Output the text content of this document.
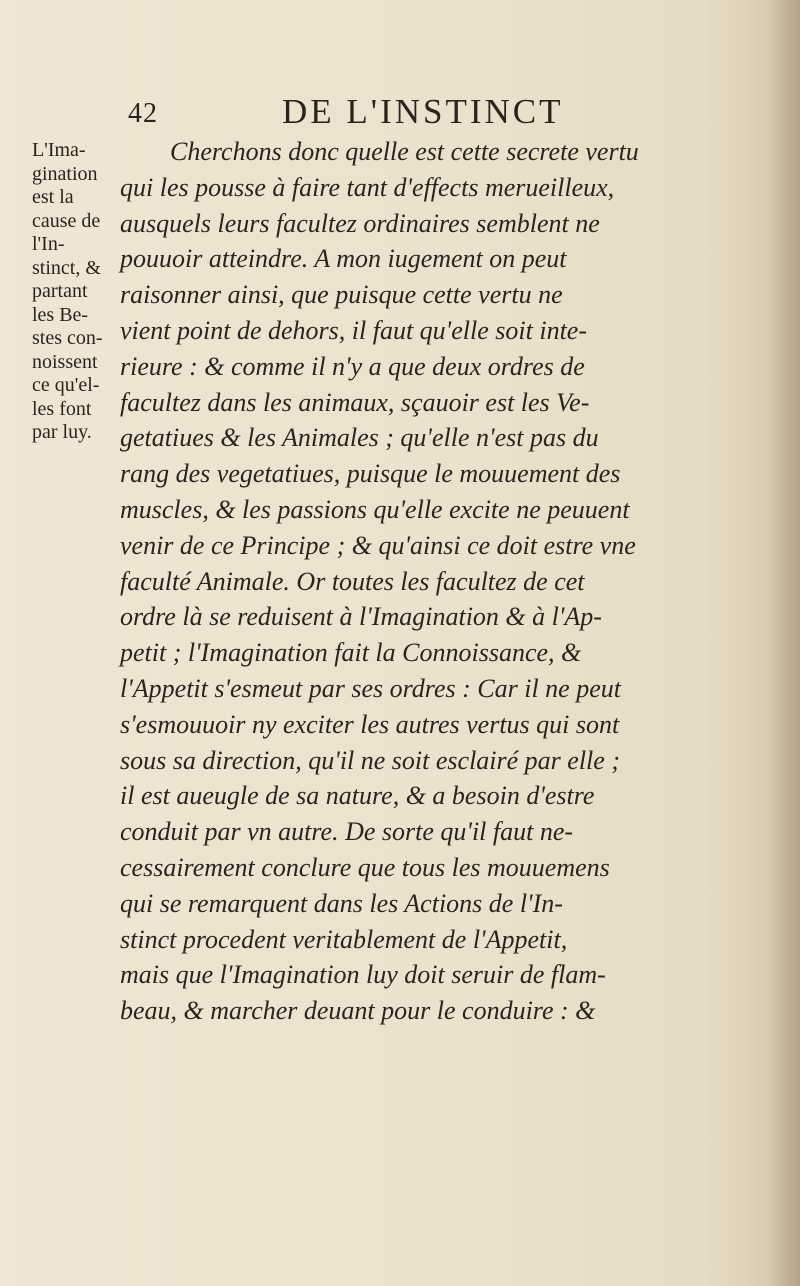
42	DE L'INSTINCT
L'Ima-
gination
est la
cause de
l'In-
stinct, &
partant
les Be-
stes con-
noissent
ce qu'el-
les font
par luy.
Cherchons donc quelle est cette secrete vertu
qui les pousse à faire tant d'effects merueilleux,
ausquels leurs facultez ordinaires semblent ne
pouuoir atteindre. A mon iugement on peut
raisonner ainsi, que puisque cette vertu ne
vient point de dehors, il faut qu'elle soit inte-
rieure : & comme il n'y a que deux ordres de
facultez dans les animaux, sçauoir est les Ve-
getatiues & les Animales ; qu'elle n'est pas du
rang des vegetatiues, puisque le mouuement des
muscles, & les passions qu'elle excite ne peuuent
venir de ce Principe ; & qu'ainsi ce doit estre vne
faculté Animale. Or toutes les facultez de cet
ordre là se reduisent à l'Imagination & à l'Ap-
petit ; l'Imagination fait la Connoissance, &
l'Appetit s'esmeut par ses ordres : Car il ne peut
s'esmouuoir ny exciter les autres vertus qui sont
sous sa direction, qu'il ne soit esclairé par elle ;
il est aueugle de sa nature, & a besoin d'estre
conduit par vn autre. De sorte qu'il faut ne-
cessairement conclure que tous les mouuemens
qui se remarquent dans les Actions de l'In-
stinct procedent veritablement de l'Appetit,
mais que l'Imagination luy doit seruir de flam-
beau, & marcher deuant pour le conduire : &
